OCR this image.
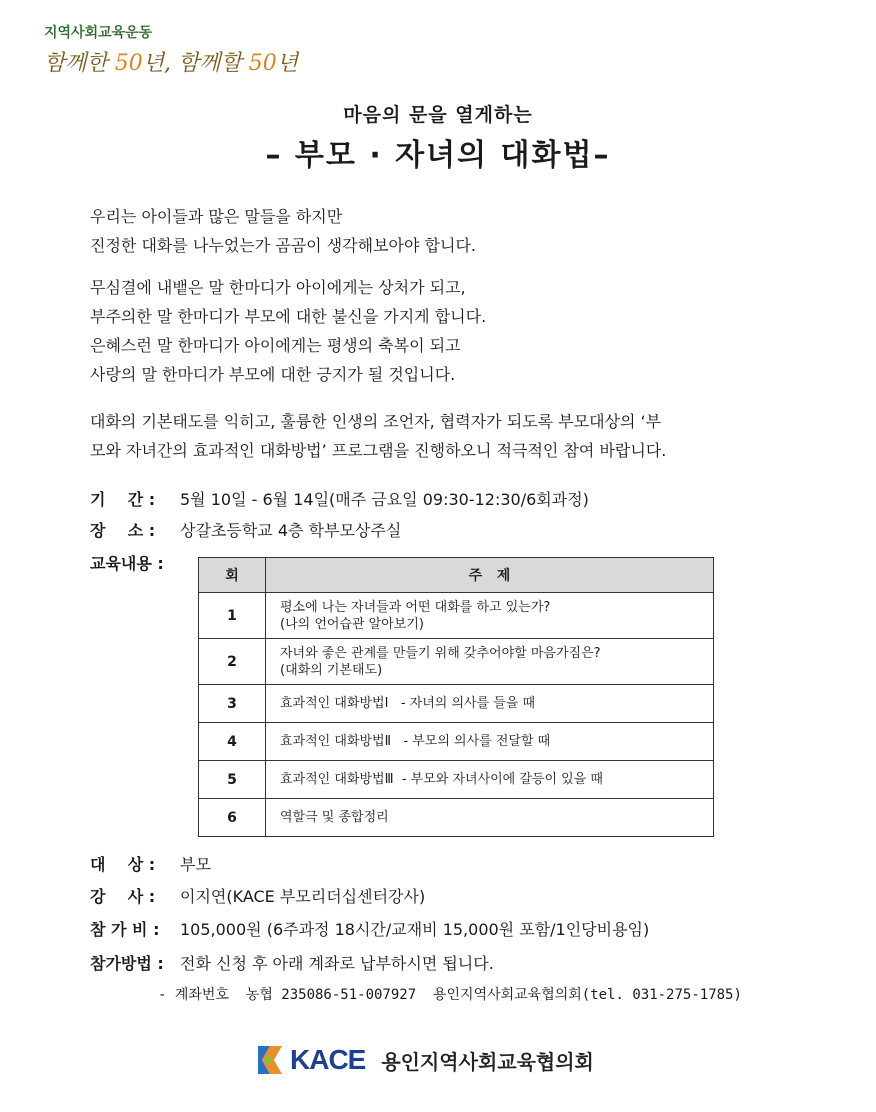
지역사회교육운동
함께한 50년, 함께할 50년
마음의 문을 열게하는
– 부모 · 자녀의 대화법–
우리는 아이들과 많은 말들을 하지만
진정한 대화를 나누었는가 곰곰이 생각해보아야 합니다.
무심결에 내뱉은 말 한마디가 아이에게는 상처가 되고,
부주의한 말 한마디가 부모에 대한 불신을 가지게 합니다.
은혜스런 말 한마디가 아이에게는 평생의 축복이 되고
사랑의 말 한마디가 부모에 대한 긍지가 될 것입니다.
대화의 기본태도를 익히고, 훌륭한 인생의 조언자, 협력자가 되도록 부모대상의 ‘부
모와 자녀간의 효과적인 대화방법’ 프로그램을 진행하오니 적극적인 참여 바랍니다.
기    간 : 5월 10일 - 6월 14일(매주 금요일 09:30-12:30/6회과정)
장    소 : 상갈초등학교 4층 학부모상주실
교육내용 :
회	주   제
1	평소에 나는 자녀들과 어떤 대화를 하고 있는가?
(나의 언어습관 알아보기)

2	자녀와 좋은 관계를 만들기 위해 갖추어야할 마음가짐은?
(대화의 기본태도)

3	효과적인 대화방법Ⅰ   - 자녀의 의사를 들을 때

4	효과적인 대화방법Ⅱ   - 부모의 의사를 전달할 때

5	효과적인 대화방법Ⅲ  - 부모와 자녀사이에 갈등이 있을 때

6	역할극 및 종합정리
대    상 : 부모
강    사 : 이지연(KACE 부모리더십센터강사)
참 가 비 : 105,000원 (6주과정 18시간/교재비 15,000원 포함/1인당비용임)
참가방법 : 전화 신청 후 아래 계좌로 납부하시면 됩니다.
- 계좌번호  농협 235086-51-007927  용인지역사회교육협의회(tel. 031-275-1785)
KACE 용인지역사회교육협의회
